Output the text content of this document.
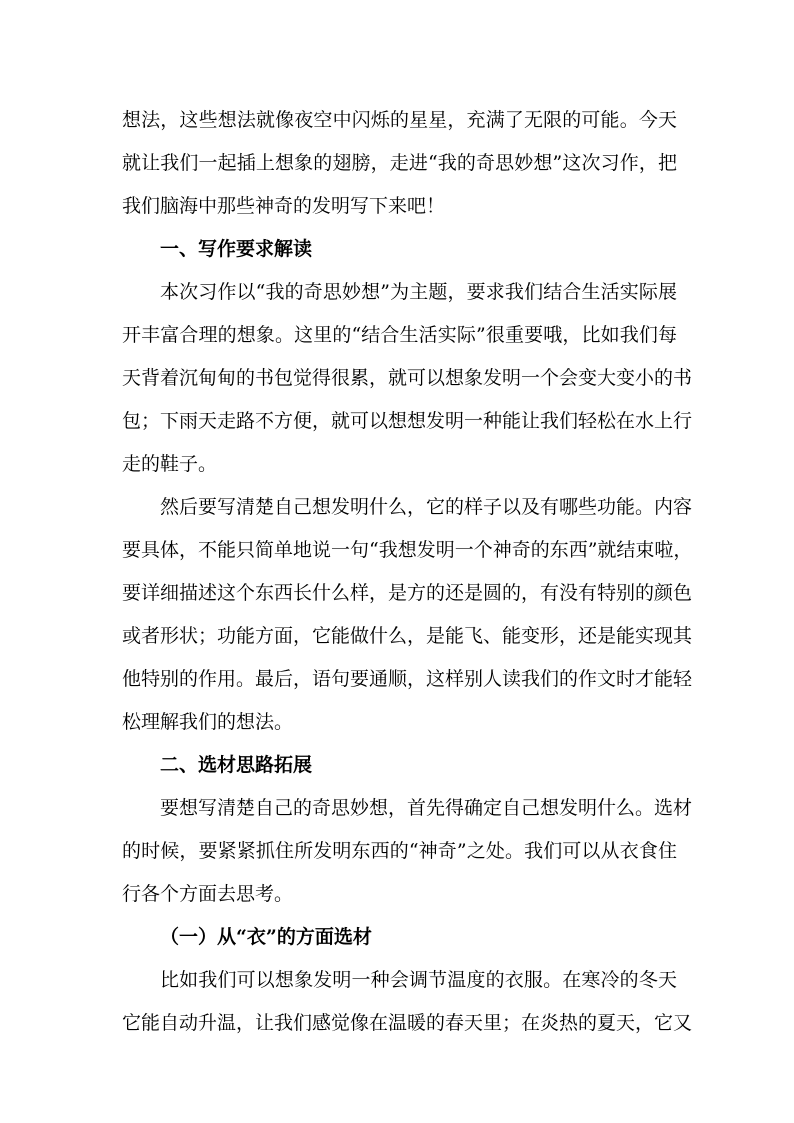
想法，这些想法就像夜空中闪烁的星星，充满了无限的可能。今天
就让我们一起插上想象的翅膀，走进“我的奇思妙想”这次习作，把
我们脑海中那些神奇的发明写下来吧！
一、写作要求解读
本次习作以“我的奇思妙想”为主题，要求我们结合生活实际展
开丰富合理的想象。这里的“结合生活实际”很重要哦，比如我们每
天背着沉甸甸的书包觉得很累，就可以想象发明一个会变大变小的书
包；下雨天走路不方便，就可以想想发明一种能让我们轻松在水上行
走的鞋子。
然后要写清楚自己想发明什么，它的样子以及有哪些功能。内容
要具体，不能只简单地说一句“我想发明一个神奇的东西”就结束啦，
要详细描述这个东西长什么样，是方的还是圆的，有没有特别的颜色
或者形状；功能方面，它能做什么，是能飞、能变形，还是能实现其
他特别的作用。最后，语句要通顺，这样别人读我们的作文时才能轻
松理解我们的想法。
二、选材思路拓展
要想写清楚自己的奇思妙想，首先得确定自己想发明什么。选材
的时候，要紧紧抓住所发明东西的“神奇”之处。我们可以从衣食住
行各个方面去思考。
（一）从“衣”的方面选材
比如我们可以想象发明一种会调节温度的衣服。在寒冷的冬天
它能自动升温，让我们感觉像在温暖的春天里；在炎热的夏天，它又
